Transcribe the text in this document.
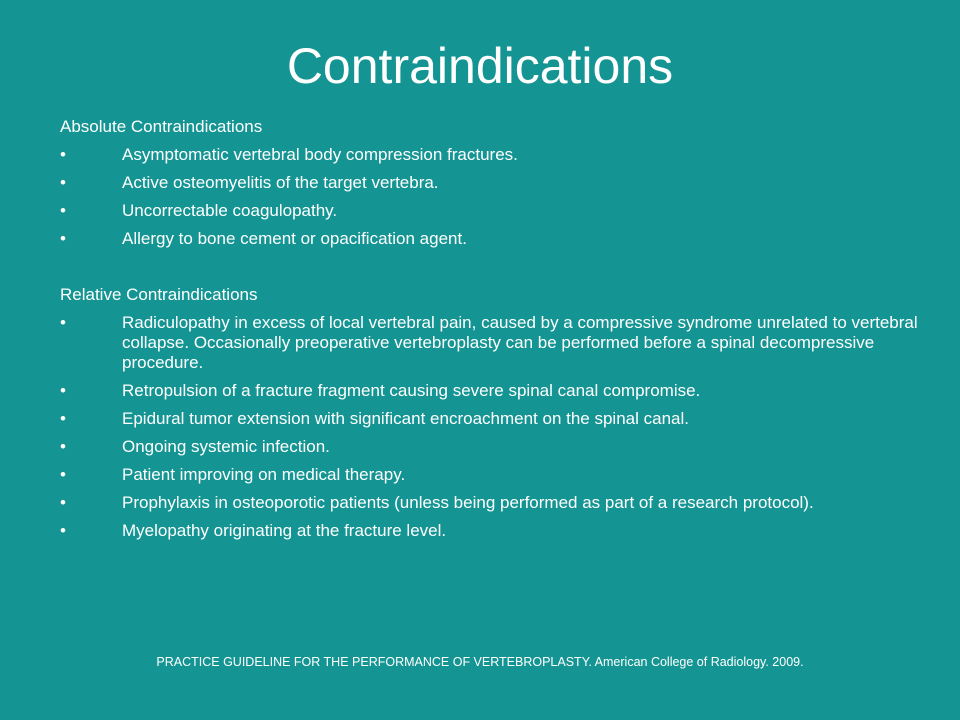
Contraindications
Absolute Contraindications
•	Asymptomatic vertebral body compression fractures.
•	Active osteomyelitis of the target vertebra.
•	Uncorrectable coagulopathy.
•	Allergy to bone cement or opacification agent.
Relative Contraindications
•	Radiculopathy in excess of local vertebral pain, caused by a compressive syndrome unrelated to vertebral collapse. Occasionally preoperative vertebroplasty can be performed before a spinal decompressive procedure.
•	Retropulsion of a fracture fragment causing severe spinal canal compromise.
•	Epidural tumor extension with significant encroachment on the spinal canal.
•	Ongoing systemic infection.
•	Patient improving on medical therapy.
•	Prophylaxis in osteoporotic patients (unless being performed as part of a research protocol).
•	Myelopathy originating at the fracture level.
PRACTICE GUIDELINE FOR THE PERFORMANCE OF VERTEBROPLASTY. American College of Radiology. 2009.
